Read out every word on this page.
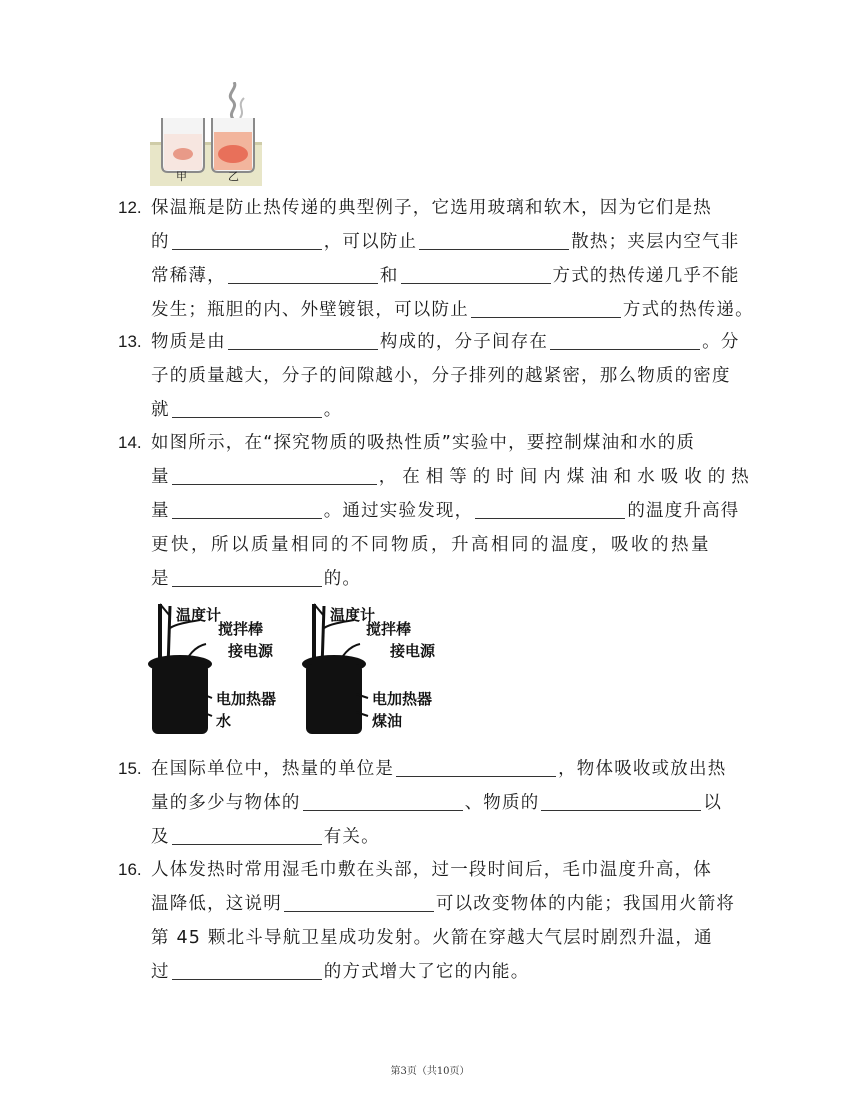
甲	乙
12. 保温瓶是防止热传递的典型例子，它选用玻璃和软木，因为它们是热
的	，可以防止	散热；夹层内空气非
常稀薄，	和	方式的热传递几乎不能
发生；瓶胆的内、外壁镀银，可以防止	方式的热传递。
13. 物质是由	构成的，分子间存在	。分
子的质量越大，分子的间隙越小，分子排列的越紧密，那么物质的密度
就	。
14. 如图所示，在“探究物质的吸热性质”实验中，要控制煤油和水的质
量	，在相等的时间内煤油和水吸收的热
量	。通过实验发现，	的温度升高得
更快，所以质量相同的不同物质，升高相同的温度，吸收的热量
是	的。
温度计
搅拌棒
接电源
电加热器
水
温度计
搅拌棒
接电源
电加热器
煤油
15. 在国际单位中，热量的单位是	，物体吸收或放出热
量的多少与物体的	、物质的	以
及	有关。
16. 人体发热时常用湿毛巾敷在头部，过一段时间后，毛巾温度升高，体
温降低，这说明	可以改变物体的内能；我国用火箭将
第 45 颗北斗导航卫星成功发射。火箭在穿越大气层时剧烈升温，通
过	的方式增大了它的内能。
第3页（共10页）
